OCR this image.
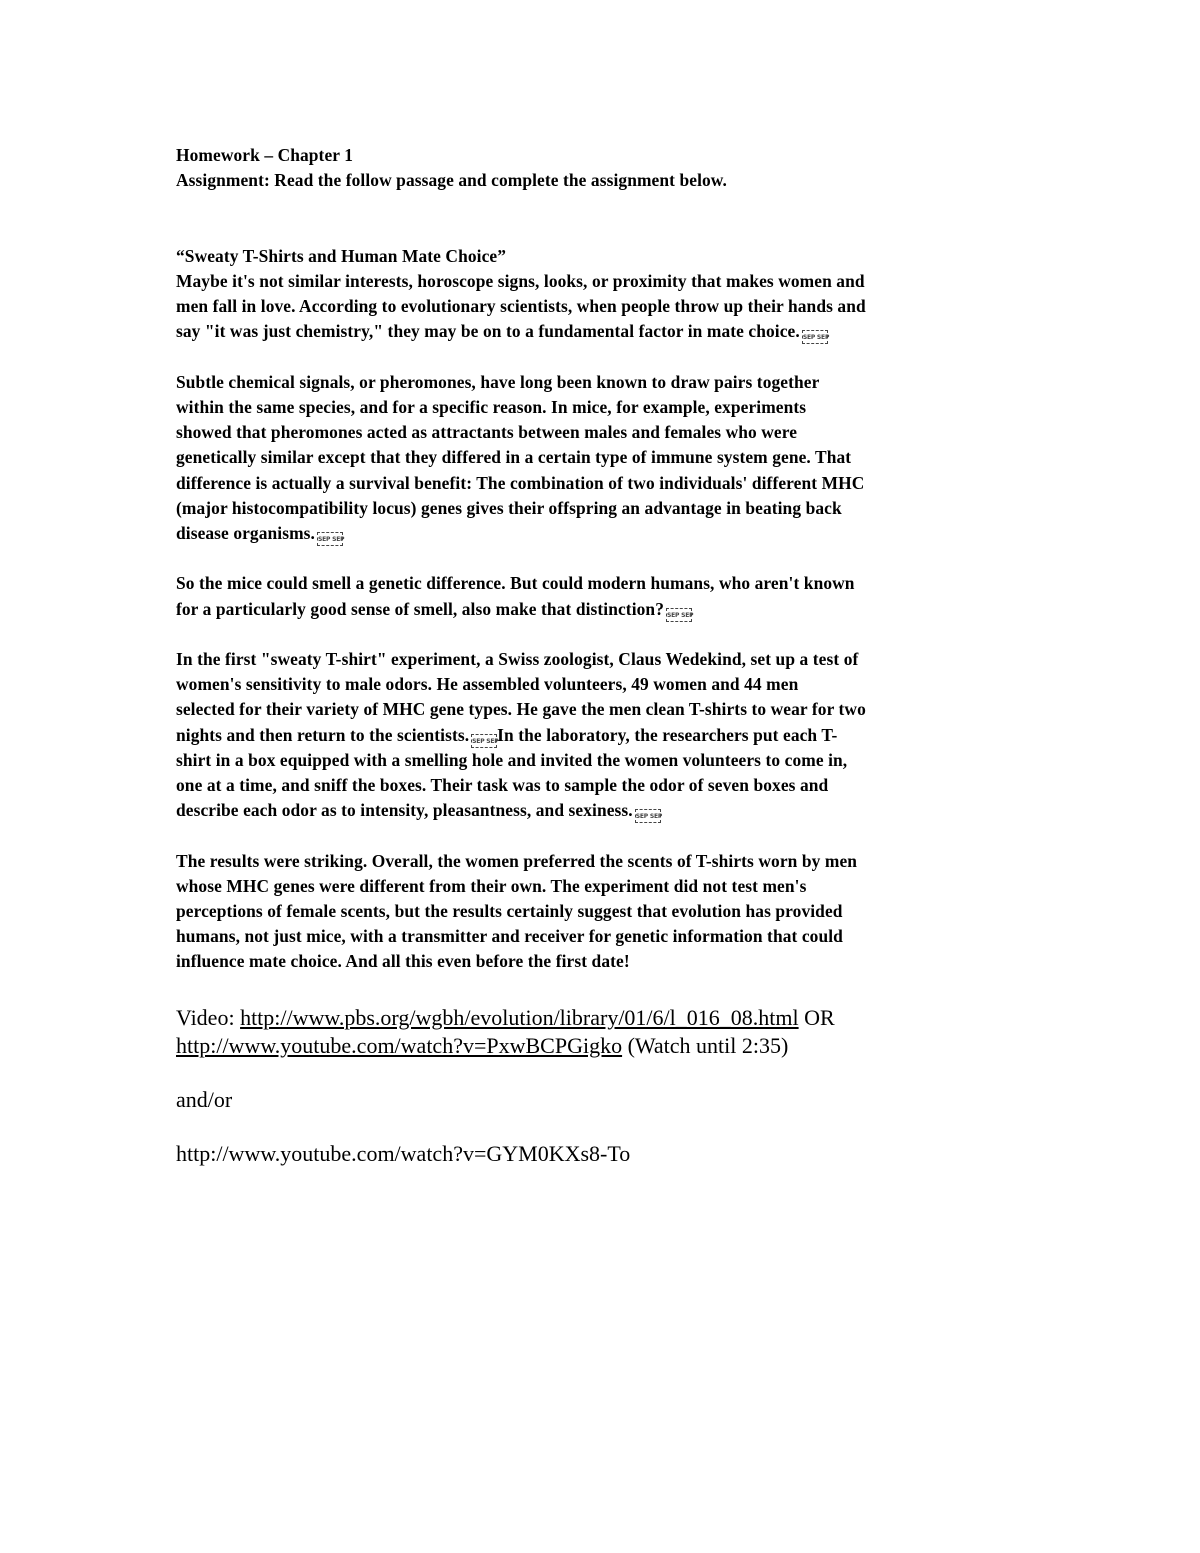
Homework – Chapter 1
Assignment: Read the follow passage and complete the assignment below.
“Sweaty T-Shirts and Human Mate Choice”
Maybe it's not similar interests, horoscope signs, looks, or proximity that makes women and
men fall in love. According to evolutionary scientists, when people throw up their hands and
say "it was just chemistry," they may be on to a fundamental factor in mate choice. SEP SEP
Subtle chemical signals, or pheromones, have long been known to draw pairs together
within the same species, and for a specific reason. In mice, for example, experiments
showed that pheromones acted as attractants between males and females who were
genetically similar except that they differed in a certain type of immune system gene. That
difference is actually a survival benefit: The combination of two individuals' different MHC
(major histocompatibility locus) genes gives their offspring an advantage in beating back
disease organisms. SEP SEP
So the mice could smell a genetic difference. But could modern humans, who aren't known
for a particularly good sense of smell, also make that distinction? SEP SEP
In the first "sweaty T-shirt" experiment, a Swiss zoologist, Claus Wedekind, set up a test of
women's sensitivity to male odors. He assembled volunteers, 49 women and 44 men
selected for their variety of MHC gene types. He gave the men clean T-shirts to wear for two
nights and then return to the scientists. SEP SEPIn the laboratory, the researchers put each T-
shirt in a box equipped with a smelling hole and invited the women volunteers to come in,
one at a time, and sniff the boxes. Their task was to sample the odor of seven boxes and
describe each odor as to intensity, pleasantness, and sexiness. SEP SEP
The results were striking. Overall, the women preferred the scents of T-shirts worn by men
whose MHC genes were different from their own. The experiment did not test men's
perceptions of female scents, but the results certainly suggest that evolution has provided
humans, not just mice, with a transmitter and receiver for genetic information that could
influence mate choice. And all this even before the first date!
Video: http://www.pbs.org/wgbh/evolution/library/01/6/l_016_08.html OR
http://www.youtube.com/watch?v=PxwBCPGigko (Watch until 2:35)
and/or
http://www.youtube.com/watch?v=GYM0KXs8-To
